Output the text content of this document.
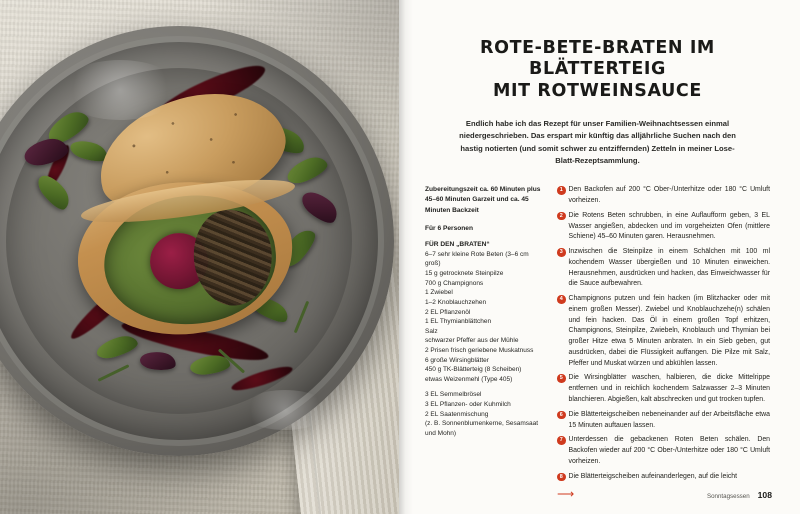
ROTE-BETE-BRATEN IM BLÄTTERTEIG
MIT ROTWEINSAUCE

Endlich habe ich das Rezept für unser Familien-Weihnachtsessen einmal niedergeschrieben. Das erspart mir künftig das alljährliche Suchen nach den hastig notierten (und somit schwer zu entziffernden) Zetteln in meiner Lose-Blatt-Rezeptsammlung.

Zubereitungszeit ca. 60 Minuten plus 45–60 Minuten Garzeit und ca. 45 Minuten Backzeit
Für 6 Personen
FÜR DEN „BRATEN“
6–7 sehr kleine Rote Beten (3–6 cm groß)
15 g getrocknete Steinpilze
700 g Champignons
1 Zwiebel
1–2 Knoblauchzehen
2 EL Pflanzenöl
1 EL Thymianblättchen
Salz
schwarzer Pfeffer aus der Mühle
2 Prisen frisch geriebene Muskatnuss
6 große Wirsingblätter
450 g TK-Blätterteig (8 Scheiben)
etwas Weizenmehl (Type 405)
3 EL Semmelbrösel
3 EL Pflanzen- oder Kuhmilch
2 EL Saatenmischung
(z. B. Sonnenblumenkerne, Sesamsaat und Mohn)
1 Den Backofen auf 200 °C Ober-/Unterhitze oder 180 °C Umluft vorheizen.
2 Die Rotens Beten schrubben, in eine Auflaufform geben, 3 EL Wasser angießen, abdecken und im vorgeheizten Ofen (mittlere Schiene) 45–60 Minuten garen. Herausnehmen.
3 Inzwischen die Steinpilze in einem Schälchen mit 100 ml kochendem Wasser übergießen und 10 Minuten einweichen. Herausnehmen, ausdrücken und hacken, das Einweichwasser für die Sauce aufbewahren.
4 Champignons putzen und fein hacken (im Blitzhacker oder mit einem großen Messer). Zwiebel und Knoblauchzehe(n) schälen und fein hacken. Das Öl in einem großen Topf erhitzen, Champignons, Steinpilze, Zwiebeln, Knoblauch und Thymian bei großer Hitze etwa 5 Minuten anbraten. In ein Sieb geben, gut ausdrücken, dabei die Flüssigkeit auffangen. Die Pilze mit Salz, Pfeffer und Muskat würzen und abkühlen lassen.
5 Die Wirsingblätter waschen, halbieren, die dicke Mittelrippe entfernen und in reichlich kochendem Salzwasser 2–3 Minuten blanchieren. Abgießen, kalt abschrecken und gut trocken tupfen.
6 Die Blätterteigscheiben nebeneinander auf der Arbeitsfläche etwa 15 Minuten auftauen lassen.
7 Unterdessen die gebackenen Roten Beten schälen. Den Backofen wieder auf 200 °C Ober-/Unterhitze oder 180 °C Umluft vorheizen.
8 Die Blätterteigscheiben aufeinanderlegen, auf die leicht
⟶	Sonntagsessen 108
